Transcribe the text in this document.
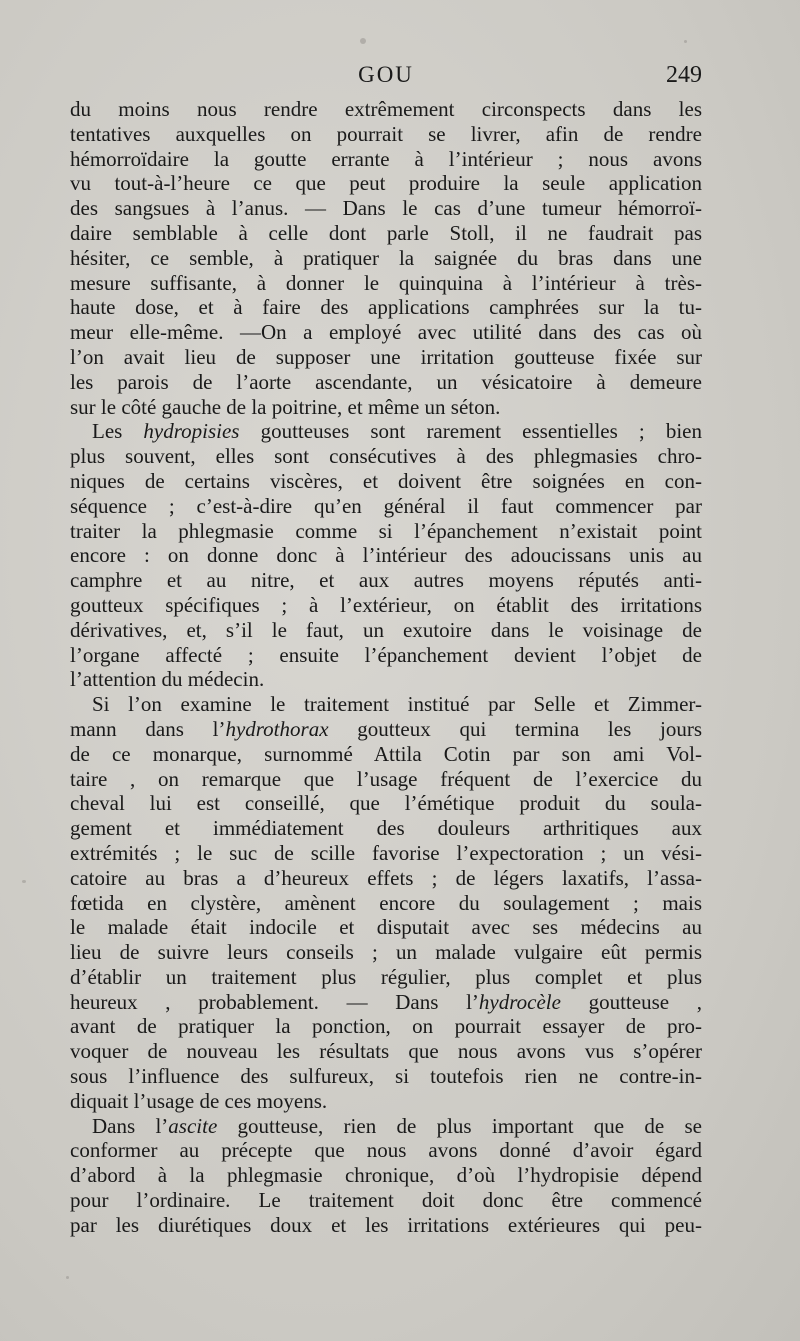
GOU	249
du moins nous rendre extrêmement circonspects dans les
tentatives auxquelles on pourrait se livrer, afin de rendre
hémorroïdaire la goutte errante à l’intérieur ; nous avons
vu tout-à-l’heure ce que peut produire la seule application
des sangsues à l’anus. — Dans le cas d’une tumeur hémorroï-
daire semblable à celle dont parle Stoll, il ne faudrait pas
hésiter, ce semble, à pratiquer la saignée du bras dans une
mesure suffisante, à donner le quinquina à l’intérieur à très-
haute dose, et à faire des applications camphrées sur la tu-
meur elle-même. —On a employé avec utilité dans des cas où
l’on avait lieu de supposer une irritation goutteuse fixée sur
les parois de l’aorte ascendante, un vésicatoire à demeure
sur le côté gauche de la poitrine, et même un séton.
Les hydropisies goutteuses sont rarement essentielles ; bien
plus souvent, elles sont consécutives à des phlegmasies chro-
niques de certains viscères, et doivent être soignées en con-
séquence ; c’est-à-dire qu’en général il faut commencer par
traiter la phlegmasie comme si l’épanchement n’existait point
encore : on donne donc à l’intérieur des adoucissans unis au
camphre et au nitre, et aux autres moyens réputés anti-
goutteux spécifiques ; à l’extérieur, on établit des irritations
dérivatives, et, s’il le faut, un exutoire dans le voisinage de
l’organe affecté ; ensuite l’épanchement devient l’objet de
l’attention du médecin.
Si l’on examine le traitement institué par Selle et Zimmer-
mann dans l’hydrothorax goutteux qui termina les jours
de ce monarque, surnommé Attila Cotin par son ami Vol-
taire , on remarque que l’usage fréquent de l’exercice du
cheval lui est conseillé, que l’émétique produit du soula-
gement et immédiatement des douleurs arthritiques aux
extrémités ; le suc de scille favorise l’expectoration ; un vési-
catoire au bras a d’heureux effets ; de légers laxatifs, l’assa-
fœtida en clystère, amènent encore du soulagement ; mais
le malade était indocile et disputait avec ses médecins au
lieu de suivre leurs conseils ; un malade vulgaire eût permis
d’établir un traitement plus régulier, plus complet et plus
heureux , probablement. — Dans l’hydrocèle goutteuse ,
avant de pratiquer la ponction, on pourrait essayer de pro-
voquer de nouveau les résultats que nous avons vus s’opérer
sous l’influence des sulfureux, si toutefois rien ne contre-in-
diquait l’usage de ces moyens.
Dans l’ascite goutteuse, rien de plus important que de se
conformer au précepte que nous avons donné d’avoir égard
d’abord à la phlegmasie chronique, d’où l’hydropisie dépend
pour l’ordinaire. Le traitement doit donc être commencé
par les diurétiques doux et les irritations extérieures qui peu-
